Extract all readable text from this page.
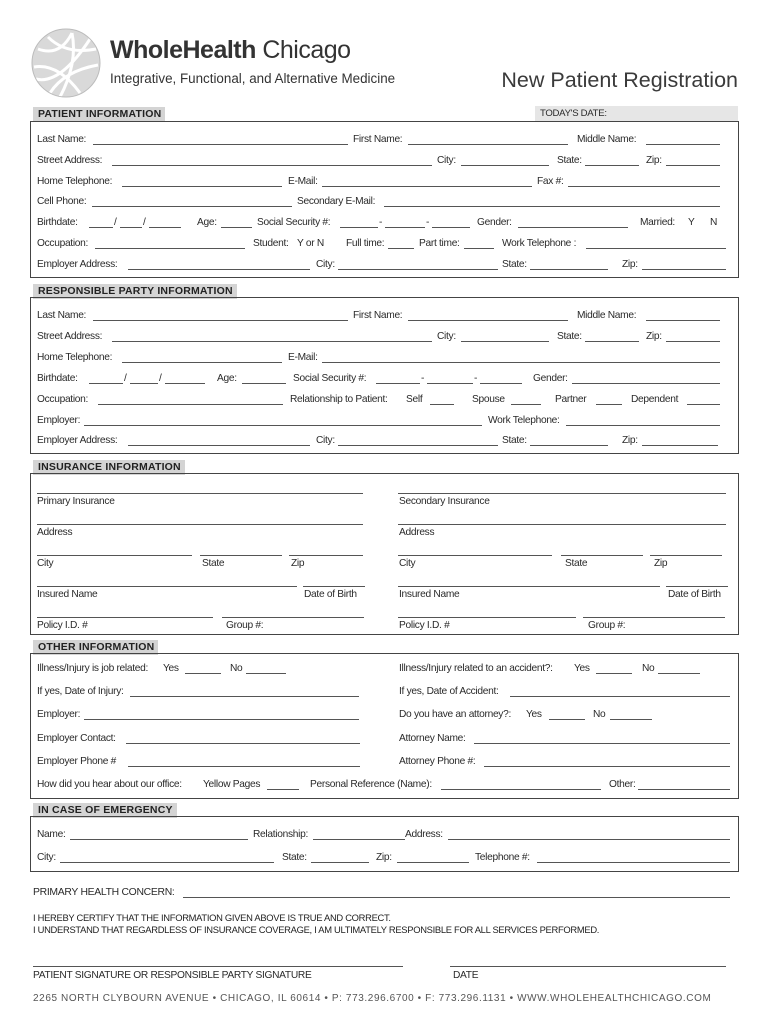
WholeHealth Chicago
Integrative, Functional, and Alternative Medicine	New Patient Registration
PATIENT INFORMATION	TODAY'S DATE:
Last Name:	First Name:	Middle Name:
Street Address:	City:	State:	Zip:
Home Telephone:	E-Mail:	Fax #:
Cell Phone:	Secondary E-Mail:
Birthdate:	/	/	Age:	Social Security #:	-	-	Gender:	Married: Y N
Occupation:	Student: Y or N Full time:	Part time:	Work Telephone :
Employer Address:	City:	State:	Zip:
RESPONSIBLE PARTY INFORMATION
Last Name:	First Name:	Middle Name:
Street Address:	City:	State:	Zip:
Home Telephone:	E-Mail:
Birthdate:	/	/	Age:	Social Security #:	-	-	Gender:
Occupation:	Relationship to Patient: Self	Spouse	Partner	Dependent
Employer:	Work Telephone:
Employer Address:	City:	State:	Zip:
INSURANCE INFORMATION
Primary Insurance
Address
City	State	Zip
Insured Name	Date of Birth
Policy I.D. #	Group #:
Secondary Insurance
Address
City	State	Zip
Insured Name	Date of Birth
Policy I.D. #	Group #:
OTHER INFORMATION
Illness/Injury is job related: Yes	No	Illness/Injury related to an accident?: Yes	No
If yes, Date of Injury:	If yes, Date of Accident:
Employer:	Do you have an attorney?: Yes	No
Employer Contact:	Attorney Name:
Employer Phone #	Attorney Phone #:
How did you hear about our office: Yellow Pages	Personal Reference (Name):	Other:
IN CASE OF EMERGENCY
Name:	Relationship:	Address:
City:	State:	Zip:	Telephone #:
PRIMARY HEALTH CONCERN:
I HEREBY CERTIFY THAT THE INFORMATION GIVEN ABOVE IS TRUE AND CORRECT.
I UNDERSTAND THAT REGARDLESS OF INSURANCE COVERAGE, I AM ULTIMATELY RESPONSIBLE FOR ALL SERVICES PERFORMED.
PATIENT SIGNATURE OR RESPONSIBLE PARTY SIGNATURE	DATE
2265 NORTH CLYBOURN AVENUE • CHICAGO, IL 60614 • P: 773.296.6700 • F: 773.296.1131 • WWW.WHOLEHEALTHCHICAGO.COM
